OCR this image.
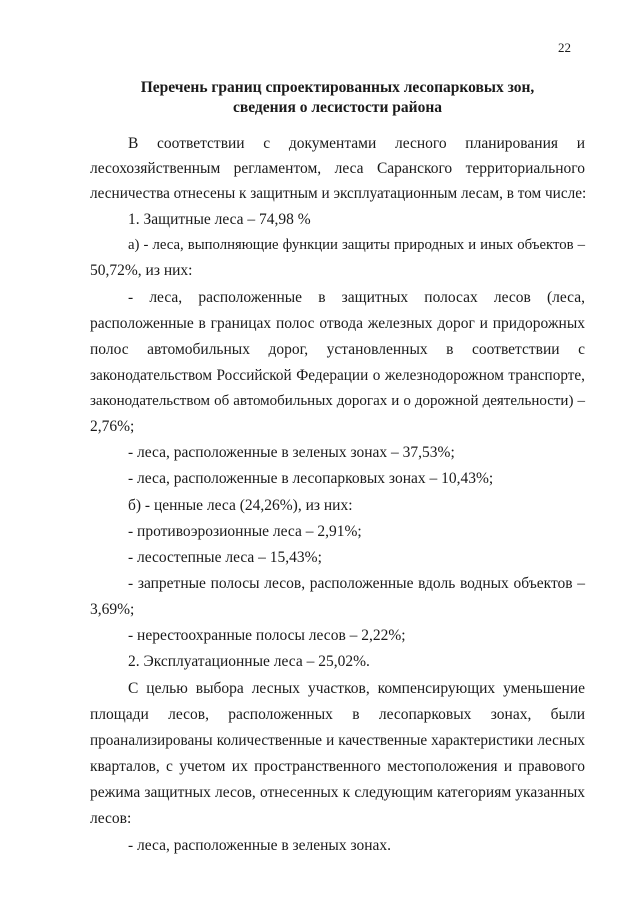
22
Перечень границ спроектированных лесопарковых зон,
сведения о лесистости района
В соответствии с документами лесного планирования и
лесохозяйственным регламентом, леса Саранского территориального
лесничества отнесены к защитным и эксплуатационным лесам, в том числе:
1. Защитные леса – 74,98 %
а) - леса, выполняющие функции защиты природных и иных объектов –
50,72%, из них:
- леса, расположенные в защитных полосах лесов (леса,
расположенные в границах полос отвода железных дорог и придорожных
полос автомобильных дорог, установленных в соответствии с
законодательством Российской Федерации о железнодорожном транспорте,
законодательством об автомобильных дорогах и о дорожной деятельности) –
2,76%;
- леса, расположенные в зеленых зонах – 37,53%;
- леса, расположенные в лесопарковых зонах – 10,43%;
б) - ценные леса (24,26%), из них:
- противоэрозионные леса – 2,91%;
- лесостепные леса – 15,43%;
- запретные полосы лесов, расположенные вдоль водных объектов –
3,69%;
- нерестоохранные полосы лесов – 2,22%;
2. Эксплуатационные леса – 25,02%.
С целью выбора лесных участков, компенсирующих уменьшение
площади лесов, расположенных в лесопарковых зонах, были
проанализированы количественные и качественные характеристики лесных
кварталов, с учетом их пространственного местоположения и правового
режима защитных лесов, отнесенных к следующим категориям указанных
лесов:
- леса, расположенные в зеленых зонах.
